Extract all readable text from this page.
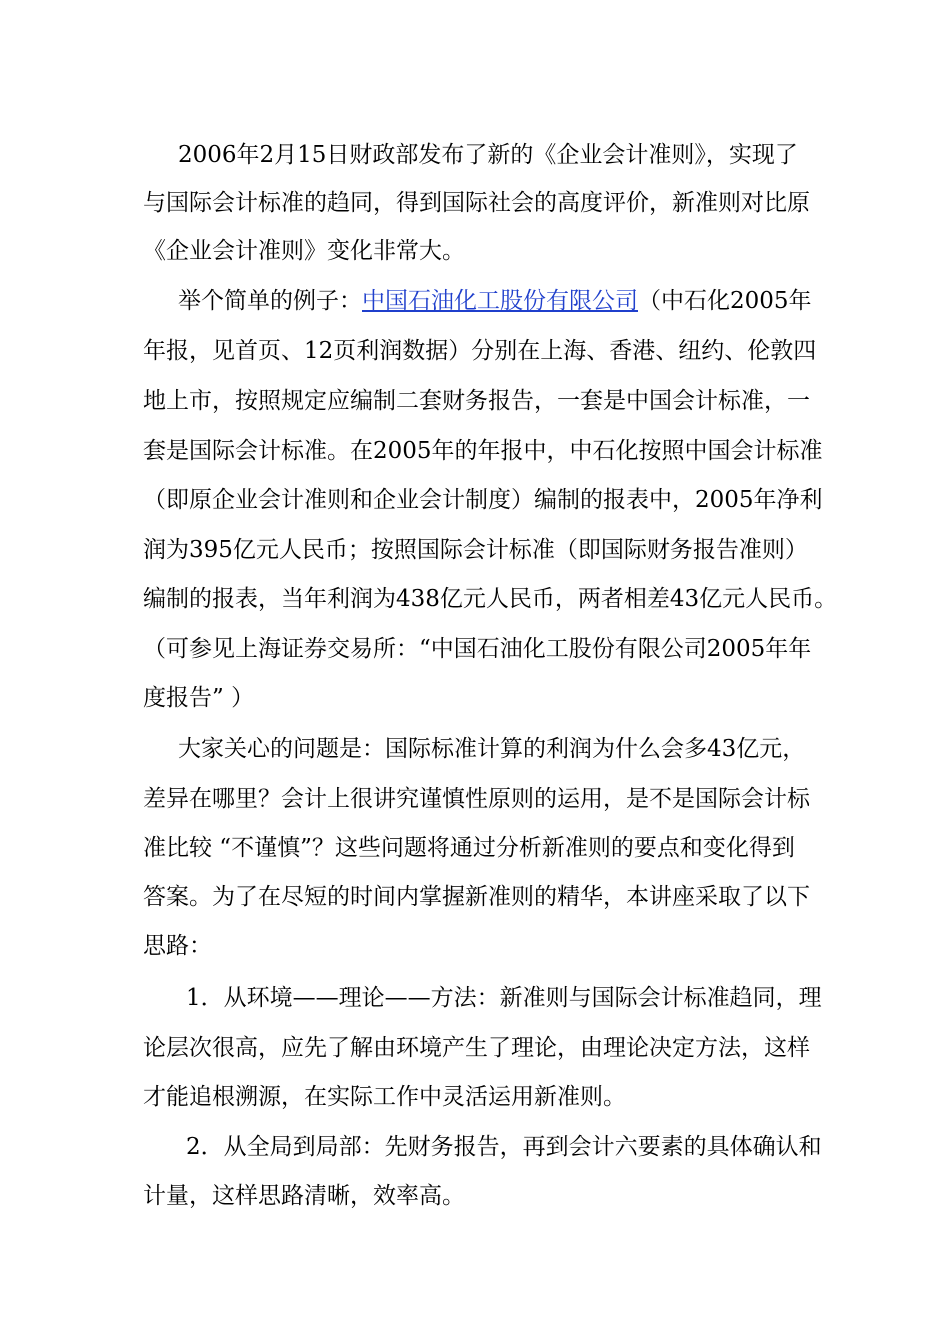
2006年2月15日财政部发布了新的《企业会计准则》，实现了
与国际会计标准的趋同，得到国际社会的高度评价，新准则对比原
《企业会计准则》变化非常大。
举个简单的例子：中国石油化工股份有限公司（中石化2005年
年报，见首页、12页利润数据）分别在上海、香港、纽约、伦敦四
地上市，按照规定应编制二套财务报告，一套是中国会计标准，一
套是国际会计标准。在2005年的年报中，中石化按照中国会计标准
（即原企业会计准则和企业会计制度）编制的报表中，2005年净利
润为395亿元人民币；按照国际会计标准（即国际财务报告准则）
编制的报表，当年利润为438亿元人民币，两者相差43亿元人民币。
（可参见上海证券交易所：“中国石油化工股份有限公司2005年年
度报告” ）
大家关心的问题是：国际标准计算的利润为什么会多43亿元，
差异在哪里？会计上很讲究谨慎性原则的运用，是不是国际会计标
准比较 “不谨慎”？这些问题将通过分析新准则的要点和变化得到
答案。为了在尽短的时间内掌握新准则的精华，本讲座采取了以下
思路：
1．从环境——理论——方法：新准则与国际会计标准趋同，理
论层次很高，应先了解由环境产生了理论，由理论决定方法，这样
才能追根溯源，在实际工作中灵活运用新准则。
2．从全局到局部：先财务报告，再到会计六要素的具体确认和
计量，这样思路清晰，效率高。
